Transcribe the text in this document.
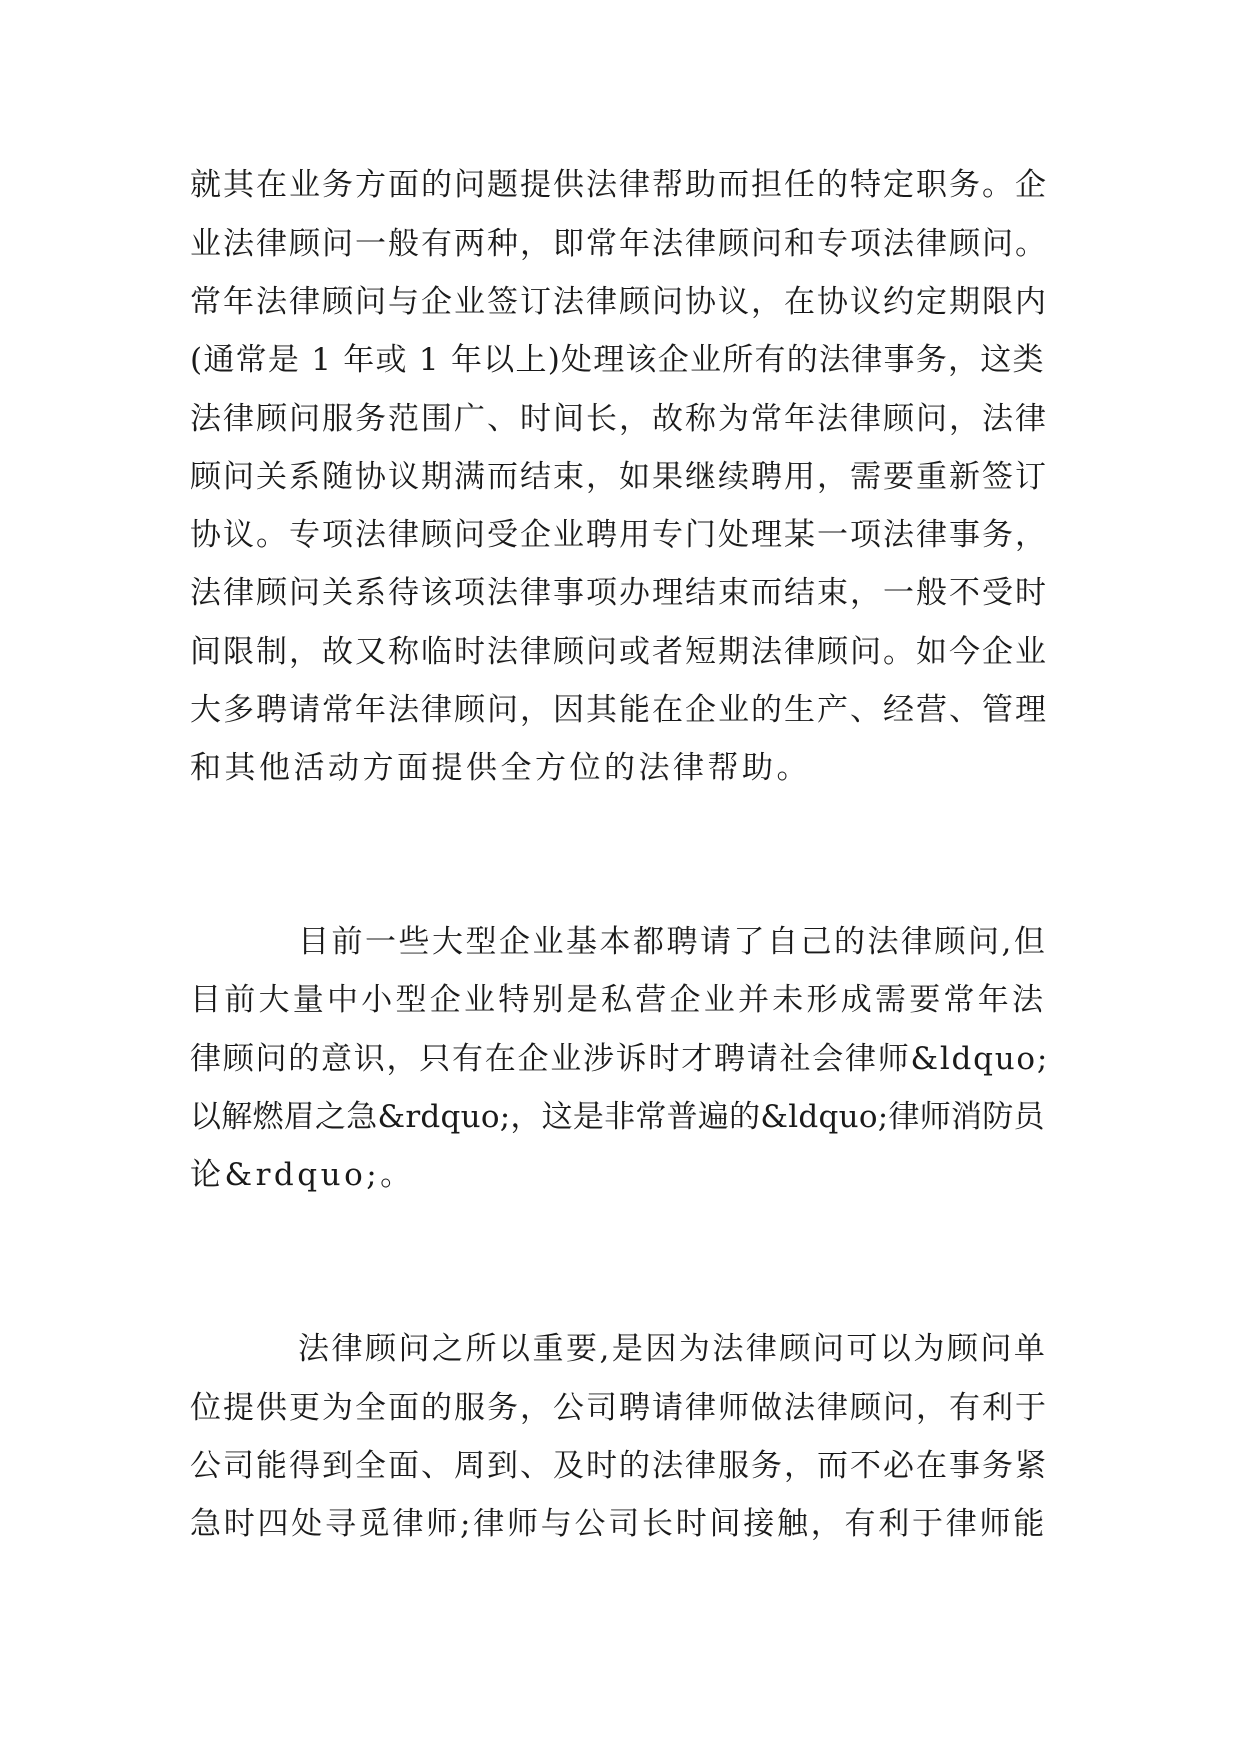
就其在业务方面的问题提供法律帮助而担任的特定职务。企
业法律顾问一般有两种，即常年法律顾问和专项法律顾问。
常年法律顾问与企业签订法律顾问协议，在协议约定期限内
(通常是 1 年或 1 年以上)处理该企业所有的法律事务，这类
法律顾问服务范围广、时间长，故称为常年法律顾问，法律
顾问关系随协议期满而结束，如果继续聘用，需要重新签订
协议。专项法律顾问受企业聘用专门处理某一项法律事务，
法律顾问关系待该项法律事项办理结束而结束，一般不受时
间限制，故又称临时法律顾问或者短期法律顾问。如今企业
大多聘请常年法律顾问，因其能在企业的生产、经营、管理
和其他活动方面提供全方位的法律帮助。
目前一些大型企业基本都聘请了自己的法律顾问,但
目前大量中小型企业特别是私营企业并未形成需要常年法
律顾问的意识，只有在企业涉诉时才聘请社会律师&ldquo;
以解燃眉之急&rdquo;，这是非常普遍的&ldquo;律师消防员
论&rdquo;。
法律顾问之所以重要,是因为法律顾问可以为顾问单
位提供更为全面的服务，公司聘请律师做法律顾问，有利于
公司能得到全面、周到、及时的法律服务，而不必在事务紧
急时四处寻觅律师;律师与公司长时间接触，有利于律师能
